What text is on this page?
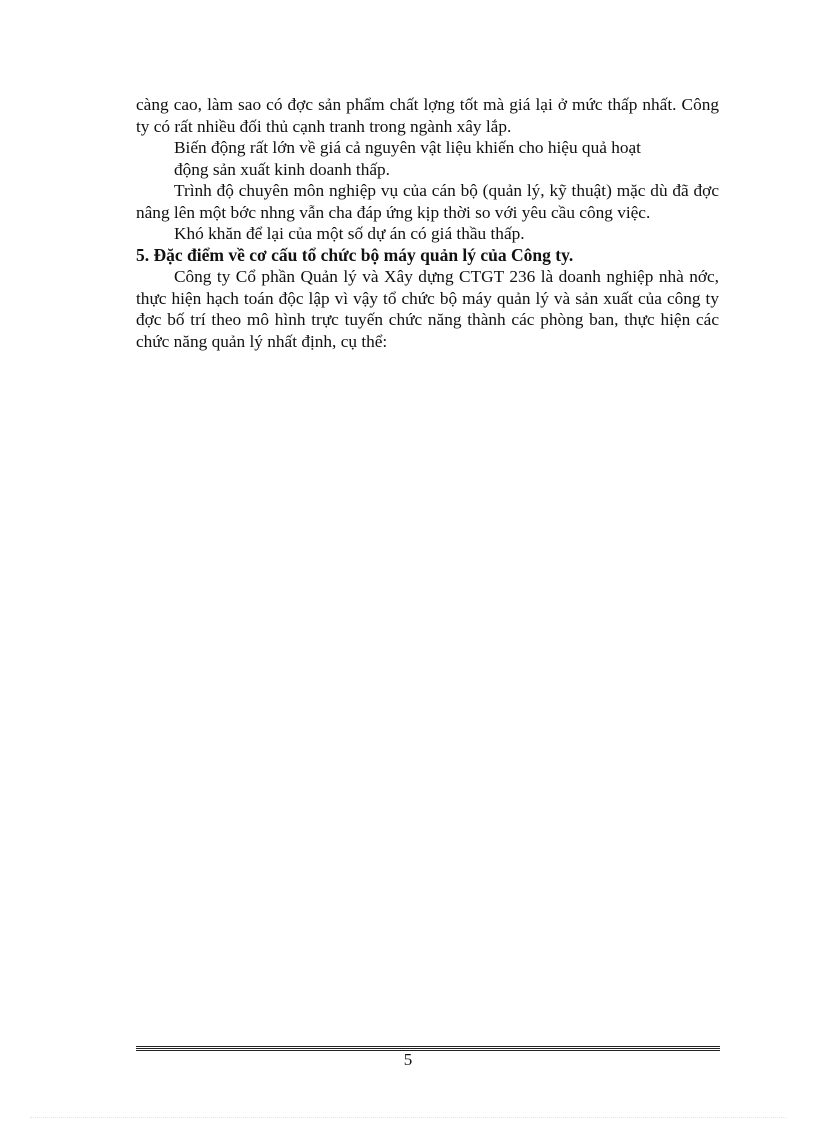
càng cao, làm sao có đợc sản phẩm chất lợng tốt mà giá lại ở mức thấp nhất. Công ty có rất nhiều đối thủ cạnh tranh trong ngành xây lắp.

Biến động rất lớn về giá cả nguyên vật liệu khiến cho hiệu quả hoạt

động sản xuất kinh doanh thấp.

Trình độ chuyên môn nghiệp vụ của cán bộ (quản lý, kỹ thuật) mặc dù đã đợc nâng lên một bớc nhng vẫn cha đáp ứng kịp thời so với yêu cầu công việc.

Khó khăn để lại của một số dự án có giá thầu thấp.

5. Đặc điểm về cơ cấu tổ chức bộ máy quản lý của Công ty.

Công ty Cổ phần Quản lý và Xây dựng CTGT 236 là doanh nghiệp nhà nớc, thực hiện hạch toán độc lập vì vậy tổ chức bộ máy quản lý và sản xuất của công ty đợc bố trí theo mô hình trực tuyến chức năng thành các phòng ban, thực hiện các chức năng quản lý nhất định, cụ thể:

5
